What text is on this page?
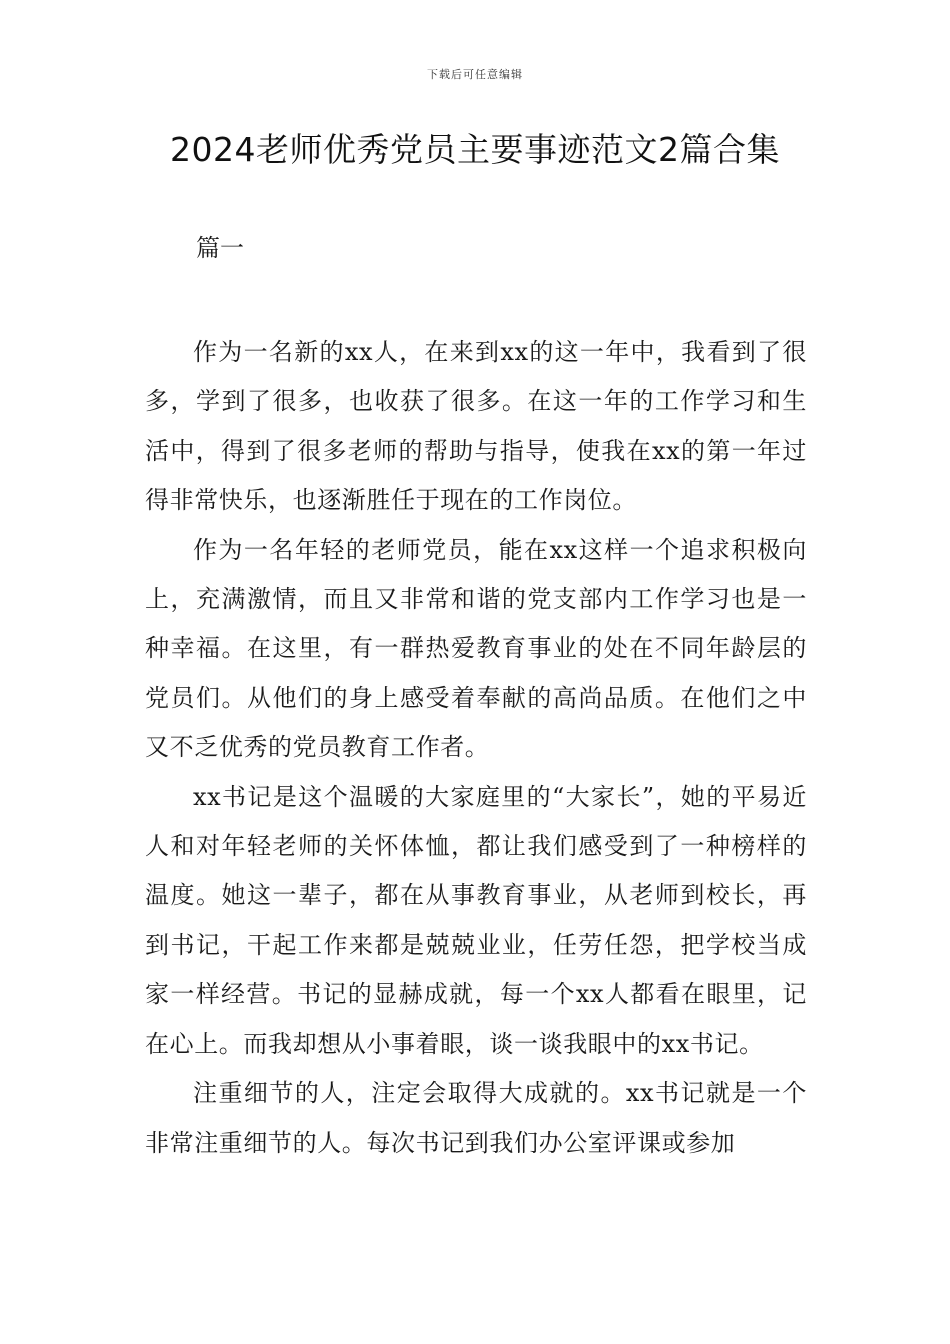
下载后可任意编辑
2024老师优秀党员主要事迹范文2篇合集
篇一

作为一名新的xx人，在来到xx的这一年中，我看到了很多，学到了很多，也收获了很多。在这一年的工作学习和生活中，得到了很多老师的帮助与指导，使我在xx的第一年过得非常快乐，也逐渐胜任于现在的工作岗位。

作为一名年轻的老师党员，能在xx这样一个追求积极向上，充满激情，而且又非常和谐的党支部内工作学习也是一种幸福。在这里，有一群热爱教育事业的处在不同年龄层的党员们。从他们的身上感受着奉献的高尚品质。在他们之中又不乏优秀的党员教育工作者。

xx书记是这个温暖的大家庭里的“大家长”，她的平易近人和对年轻老师的关怀体恤，都让我们感受到了一种榜样的温度。她这一辈子，都在从事教育事业，从老师到校长，再到书记，干起工作来都是兢兢业业，任劳任怨，把学校当成家一样经营。书记的显赫成就，每一个xx人都看在眼里，记在心上。而我却想从小事着眼，谈一谈我眼中的xx书记。

注重细节的人，注定会取得大成就的。xx书记就是一个非常注重细节的人。每次书记到我们办公室评课或参加
